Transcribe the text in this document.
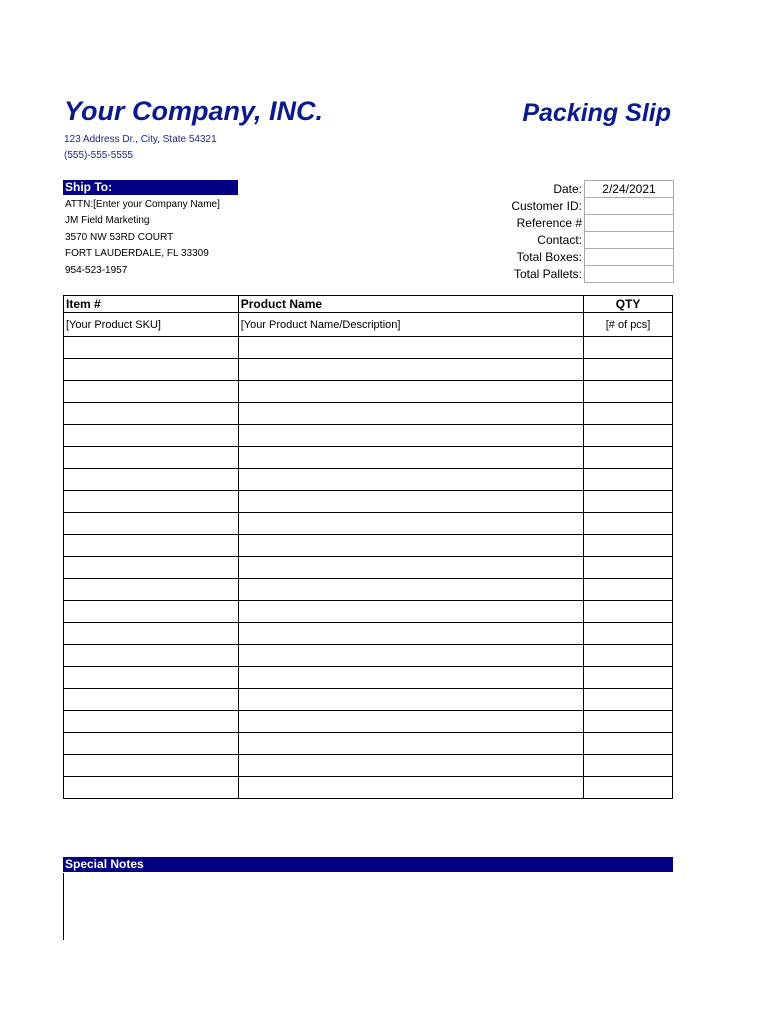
Your Company, INC.	Packing Slip
123 Address Dr., City, State 54321
(555)-555-5555
Ship To:
ATTN:[Enter your Company Name]
JM Field Marketing
3570 NW 53RD COURT
FORT LAUDERDALE, FL 33309
954-523-1957
Date:	2/24/2021
Customer ID:	
Reference #	
Contact:	
Total Boxes:	
Total Pallets:	
Item #	Product Name	QTY
[Your Product SKU]	[Your Product Name/Description]	[# of pcs]

Special Notes
